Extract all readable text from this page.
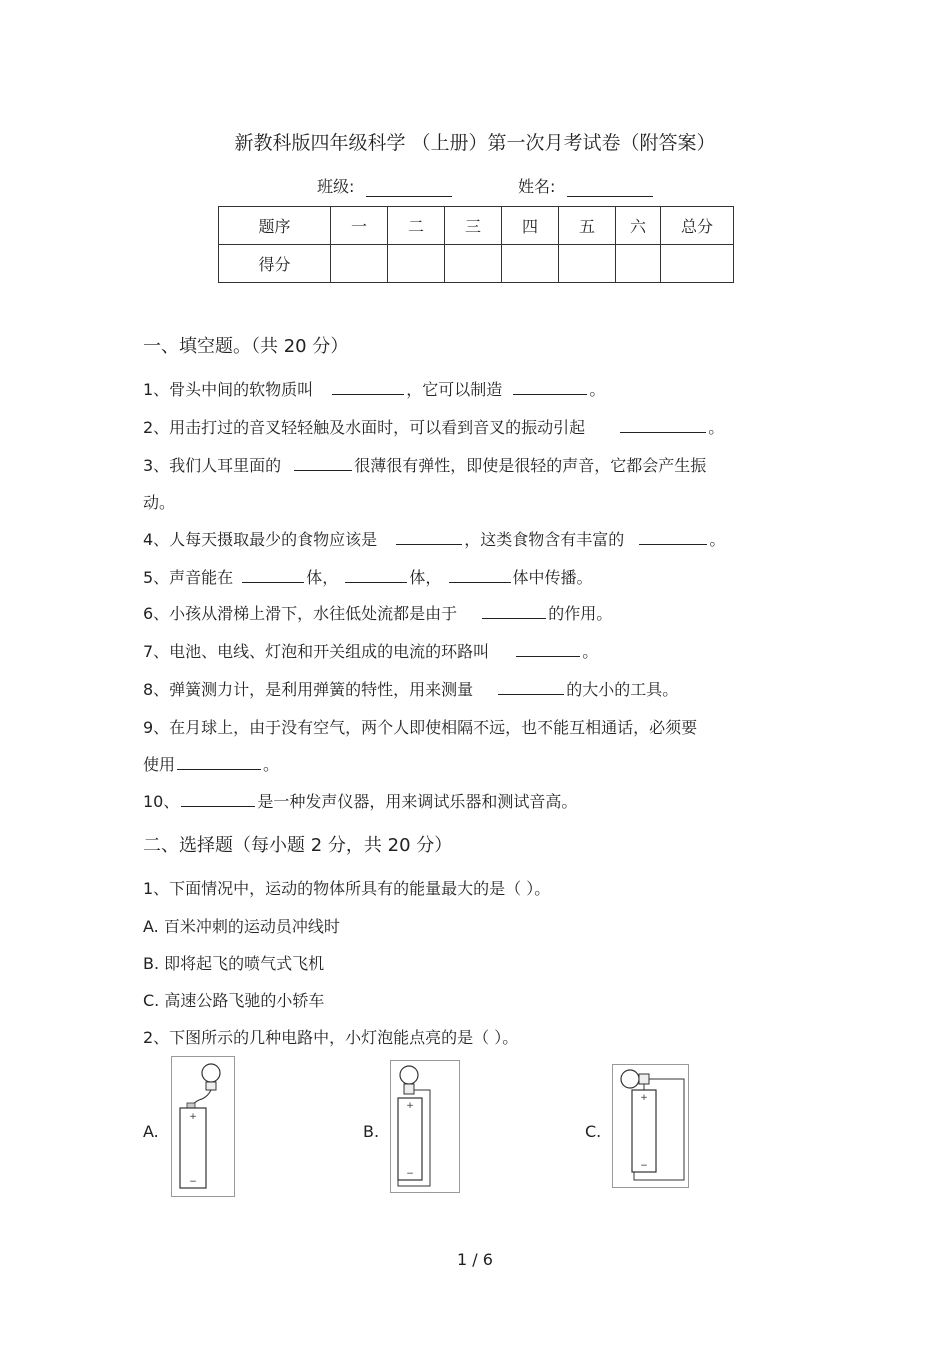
新教科版四年级科学 （上册）第一次月考试卷（附答案）
班级:	姓名:
题序	一	二	三	四	五	六	总分
得分							
一、填空题。（共 20 分）
1、骨头中间的软物质叫	，它可以制造	。
2、用击打过的音叉轻轻触及水面时，可以看到音叉的振动引起	。
3、我们人耳里面的	很薄很有弹性，即使是很轻的声音，它都会产生振
动。
4、人每天摄取最少的食物应该是	，这类食物含有丰富的	。
5、声音能在	体，	体，	体中传播。
6、小孩从滑梯上滑下，水往低处流都是由于	的作用。
7、电池、电线、灯泡和开关组成的电流的环路叫	。
8、弹簧测力计，是利用弹簧的特性，用来测量	的大小的工具。
9、在月球上，由于没有空气，两个人即使相隔不远，也不能互相通话，必须要
使用	。
10、	是一种发声仪器，用来调试乐器和测试音高。
二、选择题（每小题 2 分，共 20 分）
1、下面情况中，运动的物体所具有的能量最大的是（ ）。
A. 百米冲刺的运动员冲线时
B. 即将起飞的喷气式飞机
C. 高速公路飞驰的小轿车
2、下图所示的几种电路中，小灯泡能点亮的是（ ）。
A.	B.	C.
+
−
+
−
+
−
1 / 6
